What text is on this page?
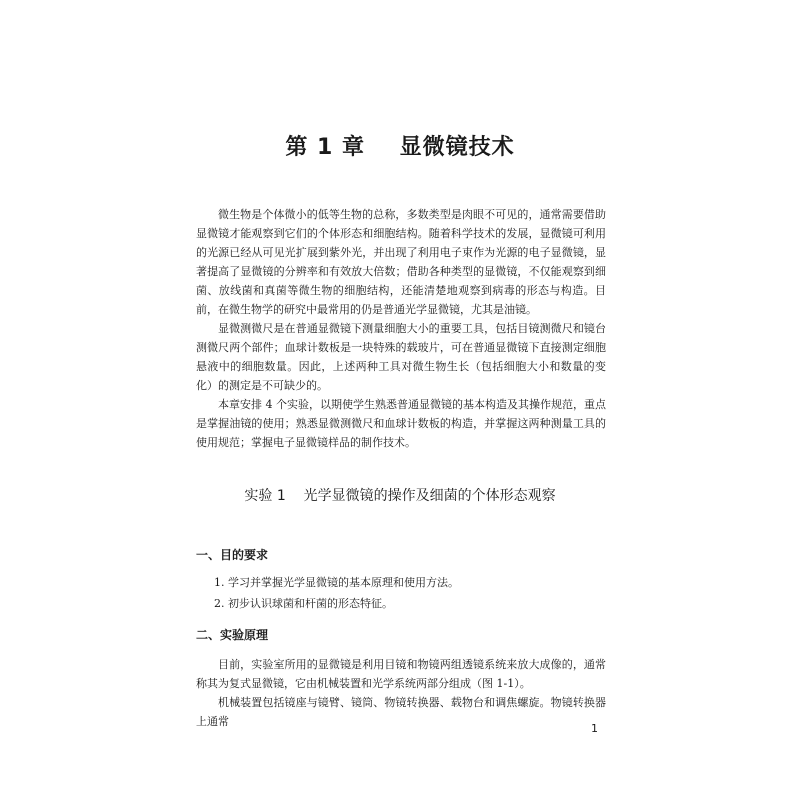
第 1 章    显微镜技术

微生物是个体微小的低等生物的总称，多数类型是肉眼不可见的，通常需要借助显微镜才能观察到它们的个体形态和细胞结构。随着科学技术的发展，显微镜可利用的光源已经从可见光扩展到紫外光，并出现了利用电子束作为光源的电子显微镜，显著提高了显微镜的分辨率和有效放大倍数；借助各种类型的显微镜，不仅能观察到细菌、放线菌和真菌等微生物的细胞结构，还能清楚地观察到病毒的形态与构造。目前，在微生物学的研究中最常用的仍是普通光学显微镜，尤其是油镜。

显微测微尺是在普通显微镜下测量细胞大小的重要工具，包括目镜测微尺和镜台测微尺两个部件；血球计数板是一块特殊的载玻片，可在普通显微镜下直接测定细胞悬液中的细胞数量。因此，上述两种工具对微生物生长（包括细胞大小和数量的变化）的测定是不可缺少的。

本章安排 4 个实验，以期使学生熟悉普通显微镜的基本构造及其操作规范，重点是掌握油镜的使用；熟悉显微测微尺和血球计数板的构造，并掌握这两种测量工具的使用规范；掌握电子显微镜样品的制作技术。

实验 1    光学显微镜的操作及细菌的个体形态观察
一、目的要求
1. 学习并掌握光学显微镜的基本原理和使用方法。
2. 初步认识球菌和杆菌的形态特征。
二、实验原理

目前，实验室所用的显微镜是利用目镜和物镜两组透镜系统来放大成像的，通常称其为复式显微镜，它由机械装置和光学系统两部分组成（图 1-1）。

机械装置包括镜座与镜臂、镜筒、物镜转换器、载物台和调焦螺旋。物镜转换器上通常

1
